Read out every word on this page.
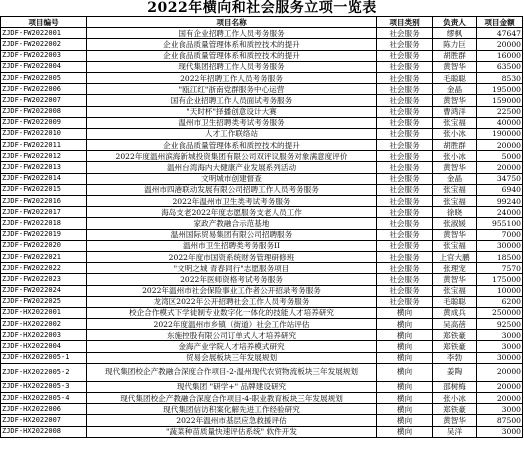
2022年横向和社会服务立项一览表
项目编号	项目名称	项目类别	负责人	项目金额
ZJDF-FW2022001	国有企业招聘工作人员考务服务	社会服务	缪枫	47647
ZJDF-FW2022002	企业食品质量管理体系和质控技术的提升	社会服务	陈力巨	20000
ZJDF-FW2022003	企业食品质量管理体系和质控技术的提升	社会服务	胡胜群	16000
ZJDF-FW2022004	现代集团招聘工作人员考务服务	社会服务	黄智华	63500
ZJDF-FW2022005	2022年招聘工作人员考务服务	社会服务	毛聪聪	8530
ZJDF-FW2022006	"瓯江红"浙南党群服务中心运营	社会服务	金晶	195000
ZJDF-FW2022007	国有企业招聘工作人员面试考务服务	社会服务	黄智华	159000
ZJDF-FW2022008	"天时杯"择播创意设计大赛	社会服务	曹鸿洋	22500
ZJDF-FW2022009	温州市卫生招聘类考试考务服务	社会服务	张宝福	40000
ZJDF-FW2022010	人才工作联络站	社会服务	张小冰	190000
ZJDF-FW2022011	企业食品质量管理体系和质控技术的提升	社会服务	胡胜群	20000
ZJDF-FW2022012	2022年度温州滨海新城投资集团有限公司双评议服务对象满意度评价	社会服务	张小冰	5000
ZJDF-FW2022013	温州台湾海内大健康产业发展系列活动	社会服务	黄智华	20000
ZJDF-FW2022014	文明城市创建督查	社会服务	金晶	34750
ZJDF-FW2022015	温州市四港联动发展有限公司招聘工作人员考务服务	社会服务	张宝福	6940
ZJDF-FW2022016	2022年温州市卫生类考试考务服务	社会服务	张宝福	99240
ZJDF-FW2022017	海岛支老2022年度志愿服务支老人员工作	社会服务	徐晓	24000
ZJDF-FW2022018	家政产教融合示范基地	社会服务	张淑媛	955100
ZJDF-FW2022019	温州国际贸易集团有限公司招聘服务	社会服务	黄智华	7000
ZJDF-FW2022020	温州市卫生招聘类考务服务II	社会服务	张宝福	30000
ZJDF-FW2022021	2022年度市国资系统财务管理研修班	社会服务	上官大鹏	18500
ZJDF-FW2022022	"文明之城 青春同行"志愿服务项目	社会服务	张理宠	7570
ZJDF-FW2022023	2022年医师资格考试考务服务	社会服务	黄智华	175000
ZJDF-FW2022024	2022年温州市社会保险事业工作者公开招录考务服务	社会服务	张宝福	10000
ZJDF-FW2022025	龙湾区2022年公开招聘社会工作人员考务服务	社会服务	毛聪聪	6200
ZJDF-HX2022001	校企合作模式下学徒制专业数字化一体化的技能人才培养研究	横向	黄成兵	250000
ZJDF-HX2022002	2022年度温州市乡镇（街道）社会工作站评估	横向	吴高蓓	92500
ZJDF-HX2022003	东施控股有限公司订单式人才培养研究	横向	郑铁豪	3000
ZJDF-HX2022004	金海产业学院人才培养模式研究	横向	郑铁豪	3000
ZJDF-HX2022005-1	贸易会展板块三年发展规划	横向	李勃	30000
ZJDF-HX2022005-2	现代集团校企产教融合深度合作项目-2-温州现代农贸物流板块三年发展规划	横向	姜陶	20000
ZJDF-HX2022005-3	现代集团 "研学+" 品牌建设研究	横向	邵树梅	20000
ZJDF-HX2022005-4	现代集团校企产教融合深度合作项目-4-职业教育板块三年发展规划	横向	张小冰	20000
ZJDF-HX2022006	现代集团信访积案化解先进工作经验研究	横向	郑铁豪	3000
ZJDF-HX2022007	2022年温州市基层应急救援评估	横向	黄智华	87500
ZJDF-HX2022008	"蔬菜种苗质量快速评估系统" 软件开发	横向	吴洋	3000
